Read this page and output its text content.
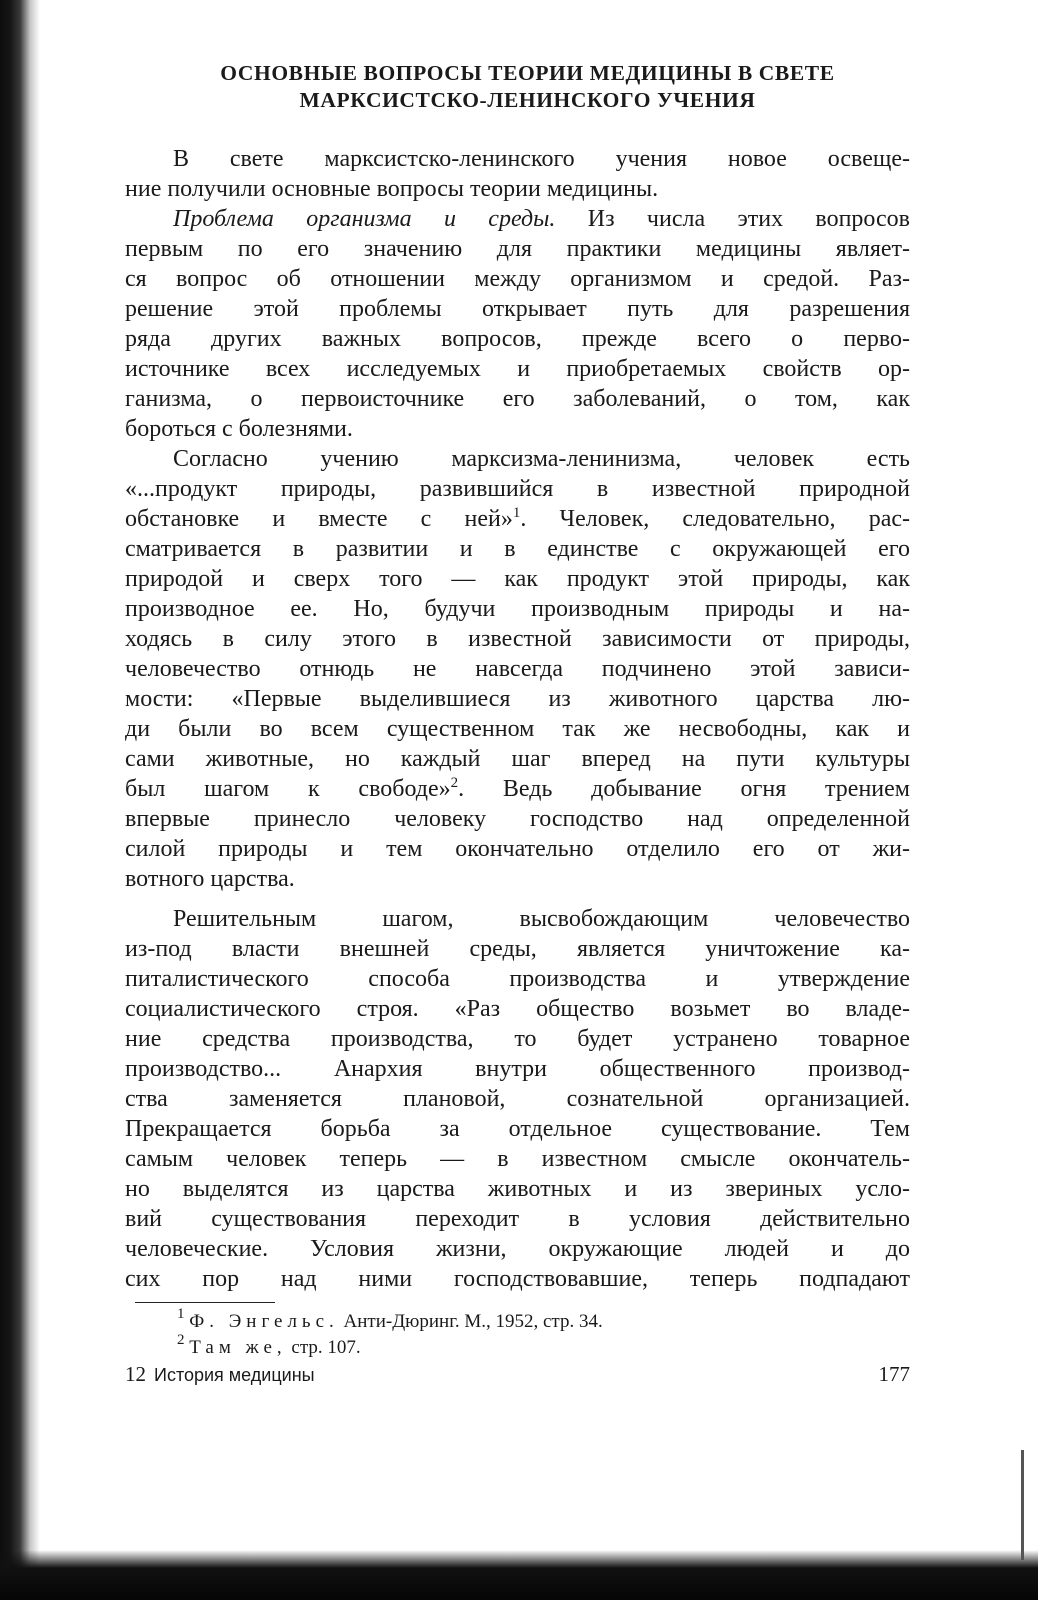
ОСНОВНЫЕ ВОПРОСЫ ТЕОРИИ МЕДИЦИНЫ В СВЕТЕ
МАРКСИСТСКО-ЛЕНИНСКОГО УЧЕНИЯ
В свете марксистско-ленинского учения новое освеще-
ние получили основные вопросы теории медицины.
Проблема организма и среды. Из числа этих вопросов
первым по его значению для практики медицины являет-
ся вопрос об отношении между организмом и средой. Раз-
решение этой проблемы открывает путь для разрешения
ряда других важных вопросов, прежде всего о перво-
источнике всех исследуемых и приобретаемых свойств ор-
ганизма, о первоисточнике его заболеваний, о том, как
бороться с болезнями.
Согласно учению марксизма-ленинизма, человек есть
«...продукт природы, развившийся в известной природной
обстановке и вместе с ней»$^1$. Человек, следовательно, рас-
сматривается в развитии и в единстве с окружающей его
природой и сверх того — как продукт этой природы, как
производное ее. Но, будучи производным природы и на-
ходясь в силу этого в известной зависимости от природы,
человечество отнюдь не навсегда подчинено этой зависи-
мости: «Первые выделившиеся из животного царства лю-
ди были во всем существенном так же несвободны, как и
сами животные, но каждый шаг вперед на пути культуры
был шагом к свободе»$^2$. Ведь добывание огня трением
впервые принесло человеку господство над определенной
силой природы и тем окончательно отделило его от жи-
вотного царства.
Решительным шагом, высвобождающим человечество
из-под власти внешней среды, является уничтожение ка-
питалистического способа производства и утверждение
социалистического строя. «Раз общество возьмет во владе-
ние средства производства, то будет устранено товарное
производство... Анархия внутри общественного производ-
ства заменяется плановой, сознательной организацией.
Прекращается борьба за отдельное существование. Тем
самым человек теперь — в известном смысле окончатель-
но выделятся из царства животных и из звериных усло-
вий существования переходит в условия действительно
человеческие. Условия жизни, окружающие людей и до
сих пор над ними господствовавшие, теперь подпадают
$^1$ Ф. Энгельс. Анти-Дюринг. М., 1952, стр. 34.
$^2$ Там же, стр. 107.
12 История медицины	177
